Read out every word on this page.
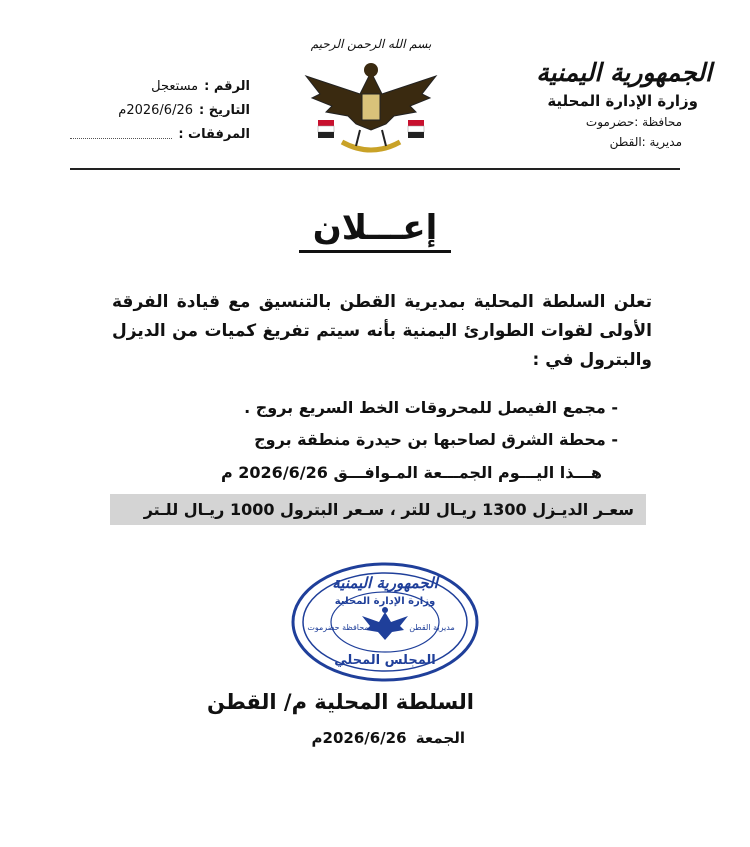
الجمهورية اليمنية
وزارة الإدارة المحلية
محافظة :حضرموت
مديرية :القطن
بسم الله الرحمن الرحيم
الرقم :
مستعجل
التاريخ :
2026/6/26م
المرفقات :
إعـــلان
تعلن السلطة المحلية بمديرية القطن بالتنسيق مع قيادة الفرقة الأولى لقوات الطوارئ اليمنية بأنه سيتم تفريغ كميات من الديزل والبترول في :
- مجمع الفيصل للمحروقات الخط السريع بروج .
- محطة الشرق لصاحبها بن حيدرة منطقة بروج
هـــذا اليـــوم الجمـــعة المـوافـــق 2026/6/26 م
سعـر الديـزل 1300 ريـال للتر ، سـعر البترول 1000 ريـال للـتر
الجمهورية اليمنية
وزارة الإدارة المحلية
محافظة حضرموت	مديرية القطن
المجلس المحلي
السلطة المحلية م/ القطن
الجمعة 2026/6/26م
